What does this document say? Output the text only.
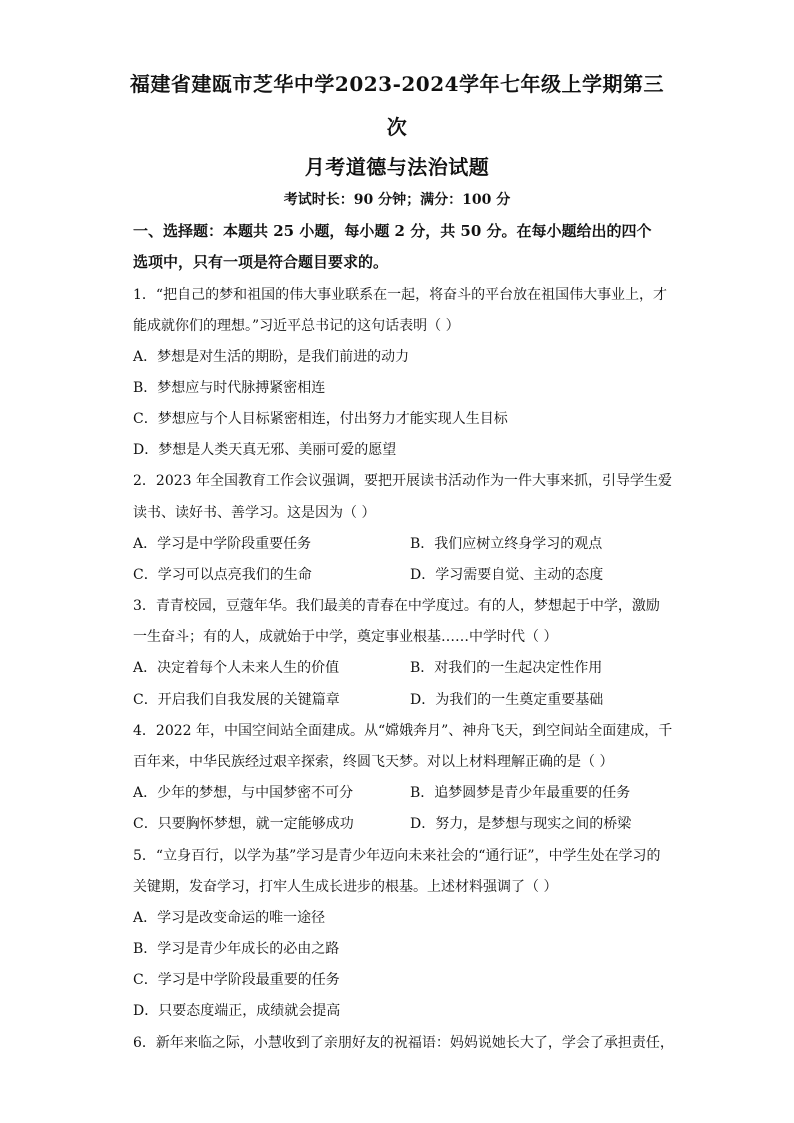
福建省建瓯市芝华中学2023-2024学年七年级上学期第三
次
月考道德与法治试题
考试时长：90 分钟；满分：100 分
一、选择题：本题共 25 小题，每小题 2 分，共 50 分。在每小题给出的四个
选项中，只有一项是符合题目要求的。
1．“把自己的梦和祖国的伟大事业联系在一起，将奋斗的平台放在祖国伟大事业上，才
能成就你们的理想。”习近平总书记的这句话表明（ ）
A．梦想是对生活的期盼，是我们前进的动力
B．梦想应与时代脉搏紧密相连
C．梦想应与个人目标紧密相连，付出努力才能实现人生目标
D．梦想是人类天真无邪、美丽可爱的愿望
2．2023 年全国教育工作会议强调，要把开展读书活动作为一件大事来抓，引导学生爱
读书、读好书、善学习。这是因为（ ）
A．学习是中学阶段重要任务	B．我们应树立终身学习的观点
C．学习可以点亮我们的生命	D．学习需要自觉、主动的态度
3．青青校园，豆蔻年华。我们最美的青春在中学度过。有的人，梦想起于中学，激励
一生奋斗；有的人，成就始于中学，奠定事业根基……中学时代（ ）
A．决定着每个人未来人生的价值	B．对我们的一生起决定性作用
C．开启我们自我发展的关键篇章	D．为我们的一生奠定重要基础
4．2022 年，中国空间站全面建成。从“嫦娥奔月”、神舟飞天，到空间站全面建成，千
百年来，中华民族经过艰辛探索，终圆飞天梦。对以上材料理解正确的是（ ）
A．少年的梦想，与中国梦密不可分	B．追梦圆梦是青少年最重要的任务
C．只要胸怀梦想，就一定能够成功	D．努力，是梦想与现实之间的桥梁
5．“立身百行，以学为基”学习是青少年迈向未来社会的“通行证”，中学生处在学习的
关键期，发奋学习，打牢人生成长进步的根基。上述材料强调了（ ）
A．学习是改变命运的唯一途径
B．学习是青少年成长的必由之路
C．学习是中学阶段最重要的任务
D．只要态度端正，成绩就会提高
6．新年来临之际，小慧收到了亲朋好友的祝福语：妈妈说她长大了，学会了承担责任，
